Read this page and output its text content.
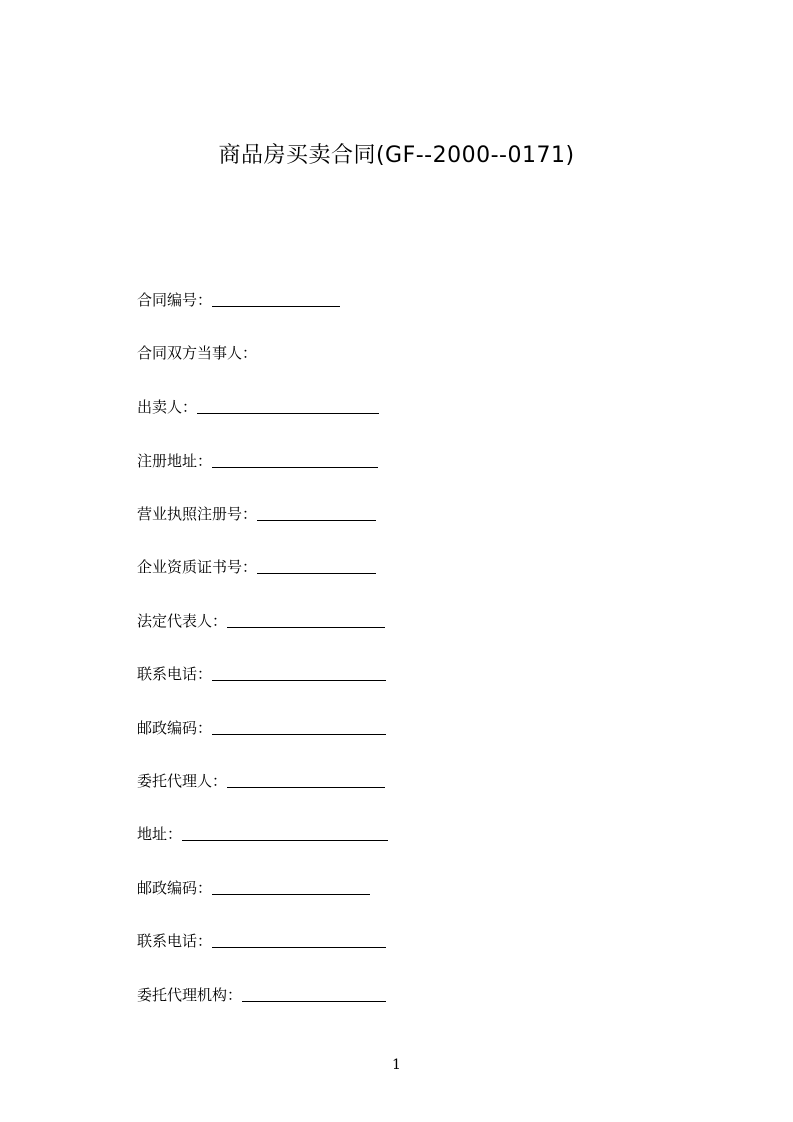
商品房买卖合同(GF--2000--0171)
合同编号：
合同双方当事人：
出卖人：
注册地址：
营业执照注册号：
企业资质证书号：
法定代表人：
联系电话：
邮政编码：
委托代理人：
地址：
邮政编码：
联系电话：
委托代理机构：
1
